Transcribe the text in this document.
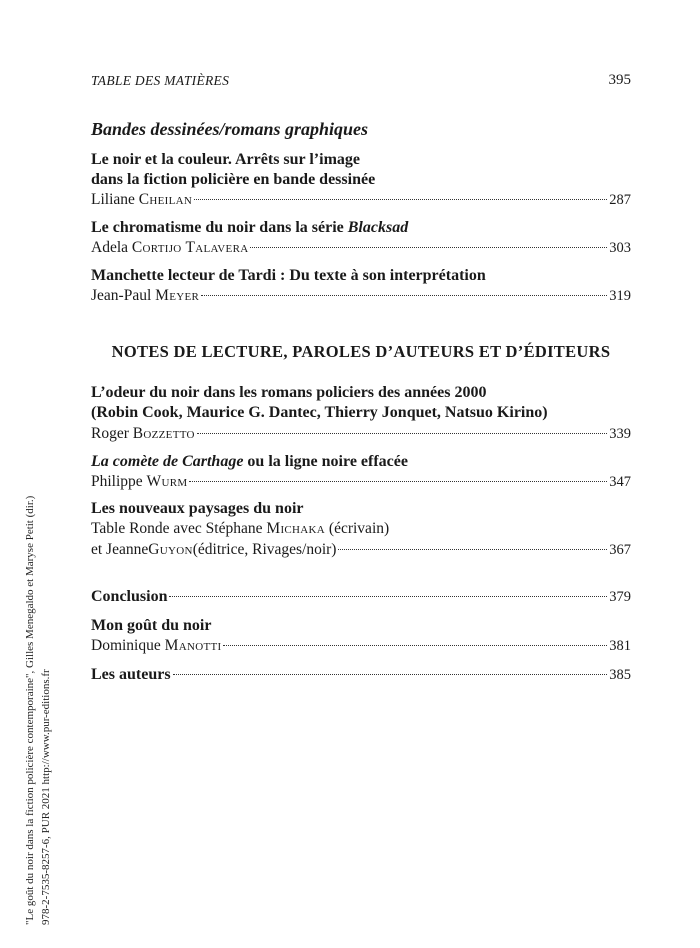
TABLE DES MATIÈRES	395
Bandes dessinées/romans graphiques
Le noir et la couleur. Arrêts sur l’image
dans la fiction policière en bande dessinée
Liliane
Cheilan	287
Le chromatisme du noir dans la série Blacksad
Adela
Cortijo Talavera	303
Manchette lecteur de Tardi : Du texte à son interprétation
Jean-Paul
Meyer	319
NOTES DE LECTURE, PAROLES D’AUTEURS ET D’ÉDITEURS
L’odeur du noir dans les romans policiers des années 2000
(Robin Cook, Maurice G. Dantec, Thierry Jonquet, Natsuo Kirino)
Roger
Bozzetto	339
La comète de Carthage ou la ligne noire effacée
Philippe
Wurm	347
Les nouveaux paysages du noir
Table Ronde avec Stéphane Michaka (écrivain)
et Jeanne Guyon (éditrice, Rivages/noir)	367
Conclusion	379
Mon goût du noir
Dominique
Manotti	381
Les auteurs	385
"Le goût du noir dans la fiction policière contemporaine", Gilles Menegaldo et Maryse Petit (dir.) 978-2-7535-8257-6, PUR 2021 http://www.pur-editions.fr
